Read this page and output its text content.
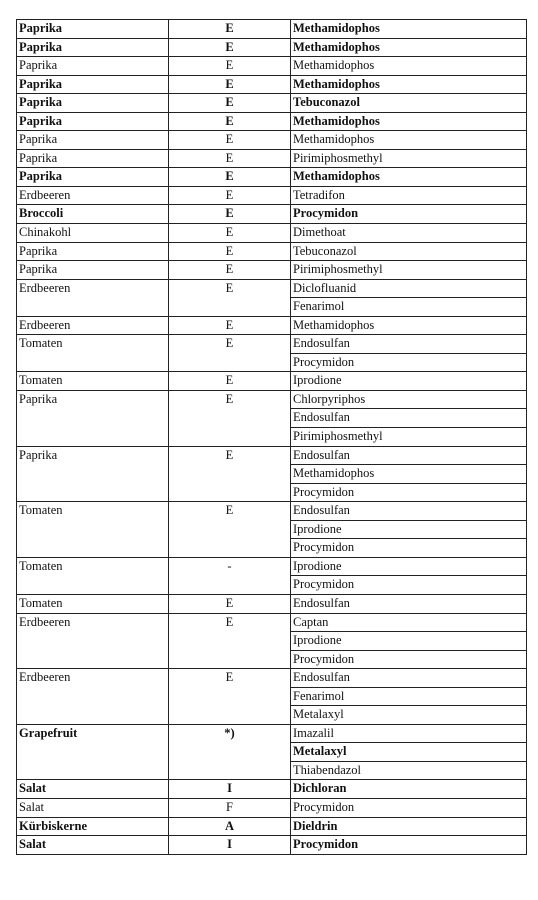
Paprika	E	Methamidophos
Paprika	E	Methamidophos
Paprika	E	Methamidophos
Paprika	E	Methamidophos
Paprika	E	Tebuconazol
Paprika	E	Methamidophos
Paprika	E	Methamidophos
Paprika	E	Pirimiphosmethyl
Paprika	E	Methamidophos
Erdbeeren	E	Tetradifon
Broccoli	E	Procymidon
Chinakohl	E	Dimethoat
Paprika	E	Tebuconazol
Paprika	E	Pirimiphosmethyl
Erdbeeren	E	Diclofluanid
		Fenarimol
Erdbeeren	E	Methamidophos
Tomaten	E	Endosulfan
		Procymidon
Tomaten	E	Iprodione
Paprika	E	Chlorpyriphos
		Endosulfan
		Pirimiphosmethyl
Paprika	E	Endosulfan
		Methamidophos
		Procymidon
Tomaten	E	Endosulfan
		Iprodione
		Procymidon
Tomaten	-	Iprodione
		Procymidon
Tomaten	E	Endosulfan
Erdbeeren	E	Captan
		Iprodione
		Procymidon
Erdbeeren	E	Endosulfan
		Fenarimol
		Metalaxyl
Grapefruit	*)	Imazalil
		Metalaxyl
		Thiabendazol
Salat	I	Dichloran
Salat	F	Procymidon
Kürbiskerne	A	Dieldrin
Salat	I	Procymidon
